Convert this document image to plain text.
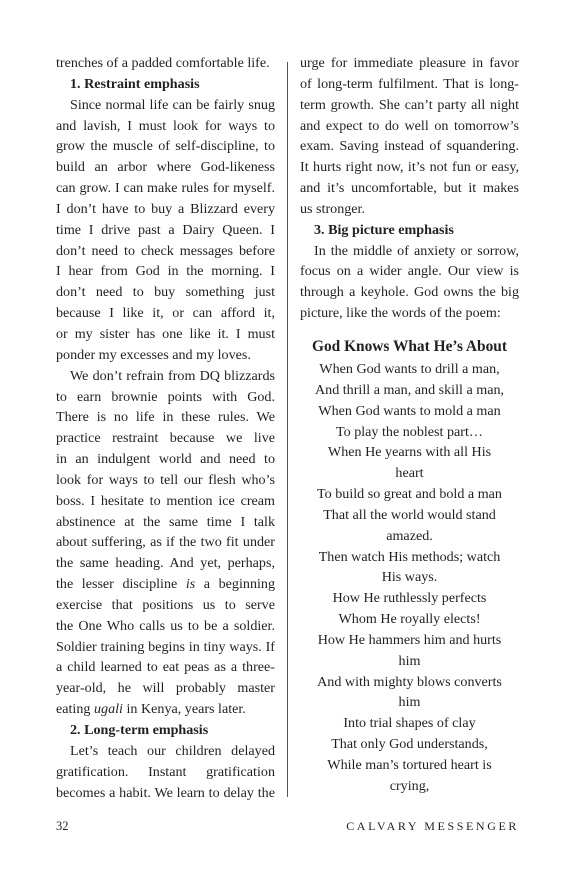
trenches of a padded comfortable life.
1. Restraint emphasis
Since normal life can be fairly snug
and lavish, I must look for ways to
grow the muscle of self-discipline, to
build an arbor where God-likeness
can grow. I can make rules for myself.
I don’t have to buy a Blizzard every
time I drive past a Dairy Queen. I
don’t need to check messages before
I hear from God in the morning. I
don’t need to buy something just
because I like it, or can afford it,
or my sister has one like it. I must
ponder my excesses and my loves.
We don’t refrain from DQ blizzards
to earn brownie points with God.
There is no life in these rules. We
practice restraint because we live
in an indulgent world and need to
look for ways to tell our flesh who’s
boss. I hesitate to mention ice cream
abstinence at the same time I talk
about suffering, as if the two fit under
the same heading. And yet, perhaps,
the lesser discipline is a beginning
exercise that positions us to serve
the One Who calls us to be a soldier.
Soldier training begins in tiny ways. If
a child learned to eat peas as a three-
year-old, he will probably master
eating ugali in Kenya, years later.
2. Long-term emphasis
Let’s teach our children delayed
gratification. Instant gratification
becomes a habit. We learn to delay the
urge for immediate pleasure in favor
of long-term fulfilment. That is long-
term growth. She can’t party all night
and expect to do well on tomorrow’s
exam. Saving instead of squandering.
It hurts right now, it’s not fun or easy,
and it’s uncomfortable, but it makes
us stronger.
3. Big picture emphasis
In the middle of anxiety or sorrow,
focus on a wider angle. Our view is
through a keyhole. God owns the big
picture, like the words of the poem:
God Knows What He’s About
When God wants to drill a man,
And thrill a man, and skill a man,
When God wants to mold a man
To play the noblest part…
When He yearns with all His
heart
To build so great and bold a man
That all the world would stand
amazed.
Then watch His methods; watch
His ways.
How He ruthlessly perfects
Whom He royally elects!
How He hammers him and hurts
him
And with mighty blows converts
him
Into trial shapes of clay
That only God understands,
While man’s tortured heart is
crying,
32	CALVARY MESSENGER
